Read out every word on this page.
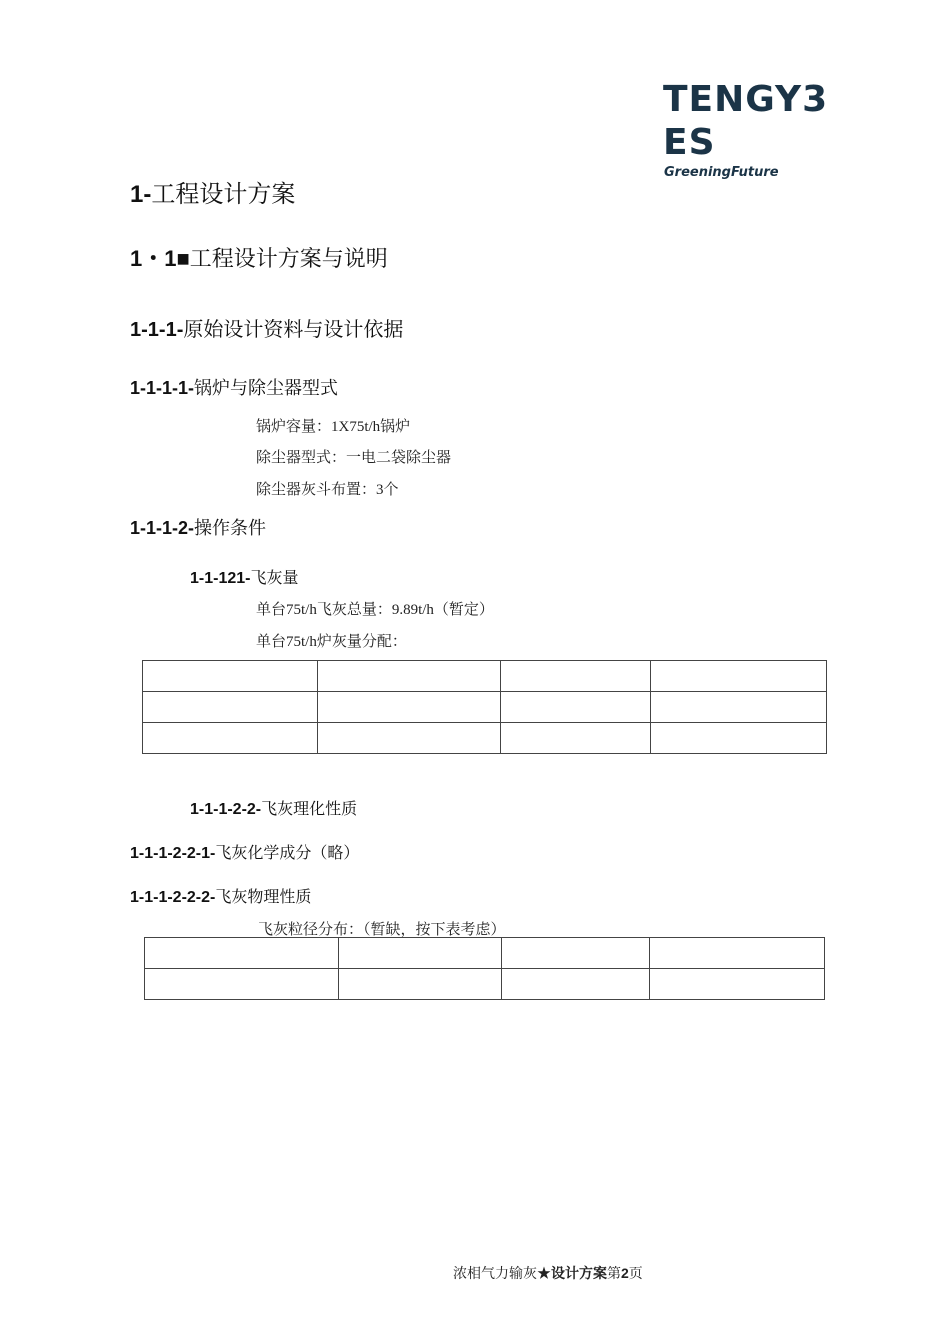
TENGY3
ES
GreeningFuture
1-工程设计方案
1・1■工程设计方案与说明
1-1-1-原始设计资料与设计依据
1-1-1-1-锅炉与除尘器型式
锅炉容量：1X75t/h锅炉
除尘器型式：一电二袋除尘器
除尘器灰斗布置：3个
1-1-1-2-操作条件
1-1-121-飞灰量
单台75t/h飞灰总量：9.89t/h（暂定）
单台75t/h炉灰量分配：

1-1-1-2-2-飞灰理化性质
1-1-1-2-2-1-飞灰化学成分（略）
1-1-1-2-2-2-飞灰物理性质
飞灰粒径分布：（暂缺，按下表考虑）

浓相气力输灰★设计方案第2页
